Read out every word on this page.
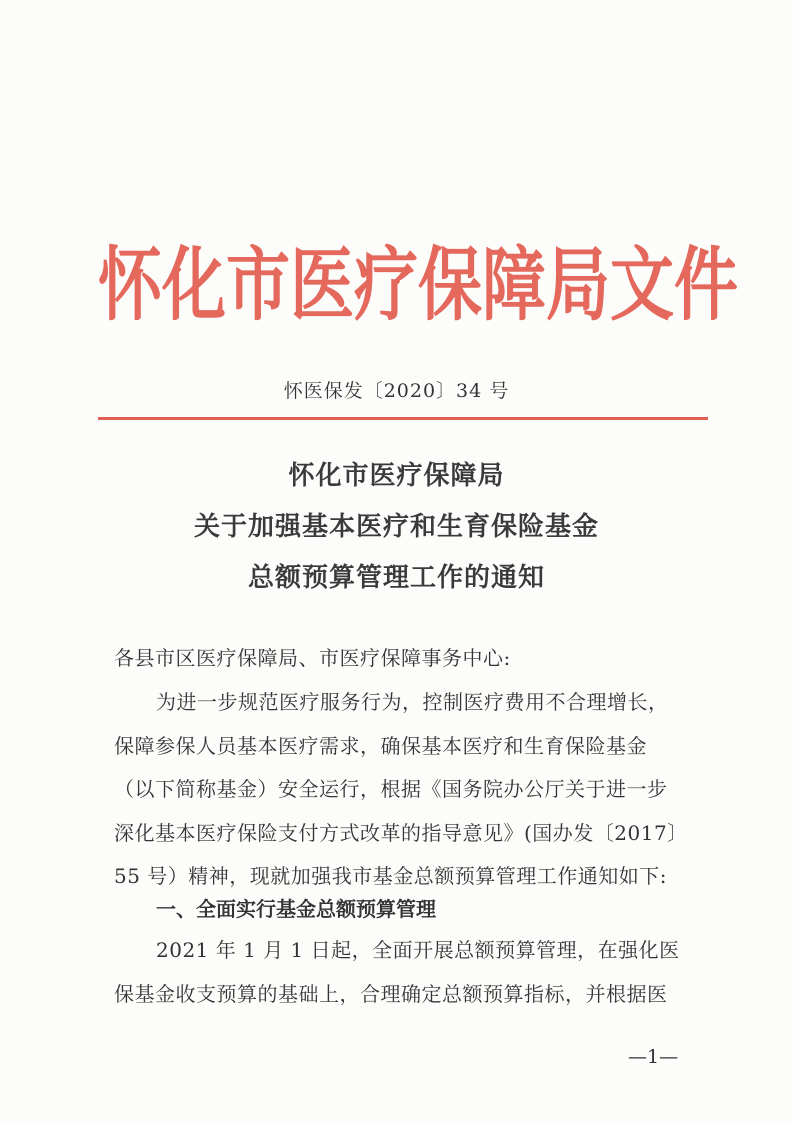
怀化市医疗保障局文件
怀医保发〔2020〕34 号
怀化市医疗保障局
关于加强基本医疗和生育保险基金
总额预算管理工作的通知
各县市区医疗保障局、市医疗保障事务中心:
为进一步规范医疗服务行为，控制医疗费用不合理增长，
保障参保人员基本医疗需求，确保基本医疗和生育保险基金
（以下简称基金）安全运行，根据《国务院办公厅关于进一步
深化基本医疗保险支付方式改革的指导意见》(国办发〔2017〕
55 号）精神，现就加强我市基金总额预算管理工作通知如下:
一、全面实行基金总额预算管理
2021 年 1 月 1 日起，全面开展总额预算管理，在强化医
保基金收支预算的基础上，合理确定总额预算指标，并根据医
—1—
